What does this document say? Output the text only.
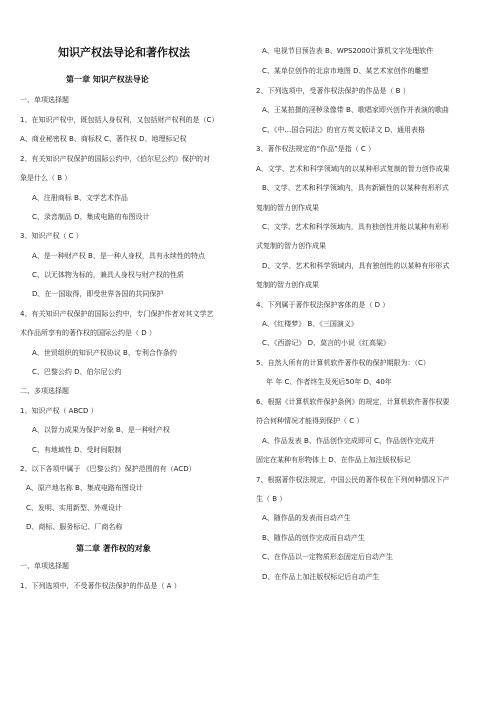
知识产权法导论和著作权法
第一章 知识产权法导论
一、单项选择题
1、在知识产权中，既包括人身权利，又包括财产权利的是（C）
A、商业秘密权 B、商标权 C、著作权 D、地理标记权
2、有关知识产权保护的国际公约中，《伯尔尼公约》保护的对
象是什么（ B ）
A、注册商标 B、文学艺术作品
C、录音制品 D、集成电路的布图设计
3、知识产权（ C ）
A、是一种财产权 B、是一种人身权，具有永续性的特点
C、以无体物为标的，兼具人身权与财产权的性质
D、在一国取得，即受世界各国的共同保护
4、有关知识产权保护的国际公约中，专门保护作者对其文学艺
术作品所享有的著作权的国际公约是（ D ）
A、世贸组织的知识产权协议 B、专利合作条约
C、巴黎公约 D、伯尔尼公约
二、多项选择题
1、知识产权（ ABCD ）
A、以智力成果为保护对象 B、是一种财产权
C、有地域性 D、受时间限制
2、以下各项中属于 《巴黎公约》保护范围的有（ACD）
A、原产地名称 B、集成电路布图设计
C、发明、实用新型、外观设计
D、商标、服务标记、厂商名称
第二章 著作权的对象
一、单项选择题
1、下列选项中，不受著作权法保护的作品是（ A ）
A、电视节目预告表 B、WPS2000计算机文字处理软件
C、某单位创作的北京市地图 D、某艺术家创作的雕塑
2、下列选项中，受著作权法保护的作品是（ B ）
A、王某拍摄的淫秽录像带 B、歌唱家即兴创作并表演的歌曲
C、《中…国合同法》的官方英文版译文 D、通用表格
3、著作权法规定的“作品”是指（ C ）
A、文学、艺术和科学领域内的以某种形式复制的智力创作成果
B、文学、艺术和科学领域内，具有新颖性的以某种有形形式
复制的智力创作成果
C、文学、艺术和科学领域内，具有独创性并能以某种有形形
式复制的智力创作成果
D、文学、艺术和科学领域内，具有独创性的以某种有形形式
复制的智力创作成果
4、下列属于著作权法保护客体的是（ D ）
A、《红楼梦》 B、《三国演义》
C、《西游记》 D、莫言的小说《红高粱》
5、自然人所有的计算机软件著作权的保护期限为：（C）
年 年 C、作者终生及死后50年 D、40年
6、根据《计算机软件保护条例》的规定，计算机软件著作权要
符合何种情况才能得到保护（ C ）
A、作品发表 B、作品创作完成即可 C、作品创作完成并
固定在某种有形物体上 D、在作品上加注版权标记
7、根据著作权法规定，中国公民的著作权在下列何种情况下产
生（ B ）
A、随作品的发表而自动产生
B、随作品的创作完成而自动产生
C、在作品以一定物质形态固定后自动产生
D、在作品上加注版权标记后自动产生
